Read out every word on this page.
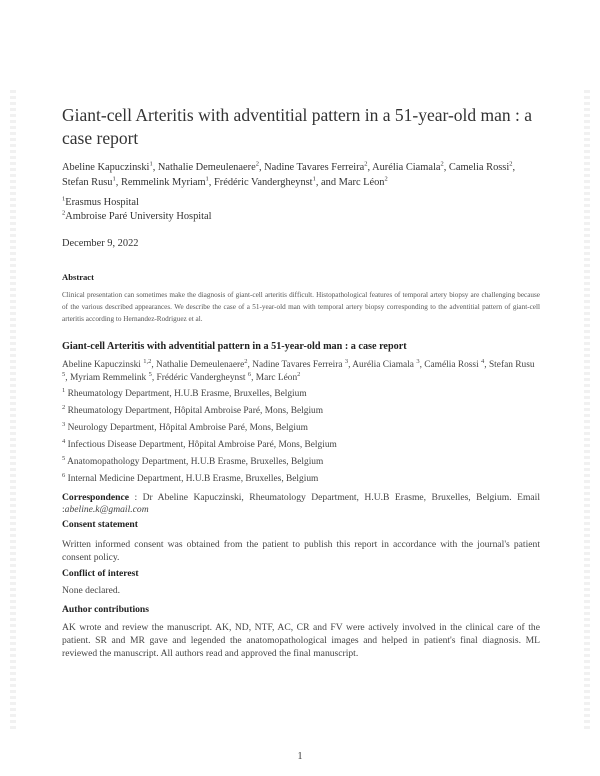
Giant-cell Arteritis with adventitial pattern in a 51-year-old man : a case report
Abeline Kapuczinski$^1$, Nathalie Demeulenaere$^2$, Nadine Tavares Ferreira$^2$, Aurélia Ciamala$^2$, Camelia Rossi$^2$, Stefan Rusu$^1$, Remmelink Myriam$^1$, Frédéric Vandergheynst$^1$, and Marc Léon$^2$
$^1$Erasmus Hospital
$^2$Ambroise Paré University Hospital
December 9, 2022
Abstract
Clinical presentation can sometimes make the diagnosis of giant-cell arteritis difficult. Histopathological features of temporal artery biopsy are challenging because of the various described appearances. We describe the case of a 51-year-old man with temporal artery biopsy corresponding to the adventitial pattern of giant-cell arteritis according to Hernandez-Rodriguez et al.
Giant-cell Arteritis with adventitial pattern in a 51-year-old man : a case report
Abeline Kapuczinski $^{1,2}$, Nathalie Demeulenaere$^2$, Nadine Tavares Ferreira $^3$, Aurélia Ciamala $^3$, Camélia Rossi $^4$, Stefan Rusu $^5$, Myriam Remmelink $^5$, Frédéric Vandergheynst $^6$, Marc Léon$^2$
$^1$ Rheumatology Department, H.U.B Erasme, Bruxelles, Belgium
$^2$ Rheumatology Department, Hôpital Ambroise Paré, Mons, Belgium
$^3$ Neurology Department, Hôpital Ambroise Paré, Mons, Belgium
$^4$ Infectious Disease Department, Hôpital Ambroise Paré, Mons, Belgium
$^5$ Anatomopathology Department, H.U.B Erasme, Bruxelles, Belgium
$^6$ Internal Medicine Department, H.U.B Erasme, Bruxelles, Belgium
Correspondence : Dr Abeline Kapuczinski, Rheumatology Department, H.U.B Erasme, Bruxelles, Belgium. Email :abeline.k@gmail.com
Consent statement
Written informed consent was obtained from the patient to publish this report in accordance with the journal's patient consent policy.
Conflict of interest
None declared.
Author contributions
AK wrote and review the manuscript. AK, ND, NTF, AC, CR and FV were actively involved in the clinical care of the patient. SR and MR gave and legended the anatomopathological images and helped in patient's final diagnosis. ML reviewed the manuscript. All authors read and approved the final manuscript.
1
